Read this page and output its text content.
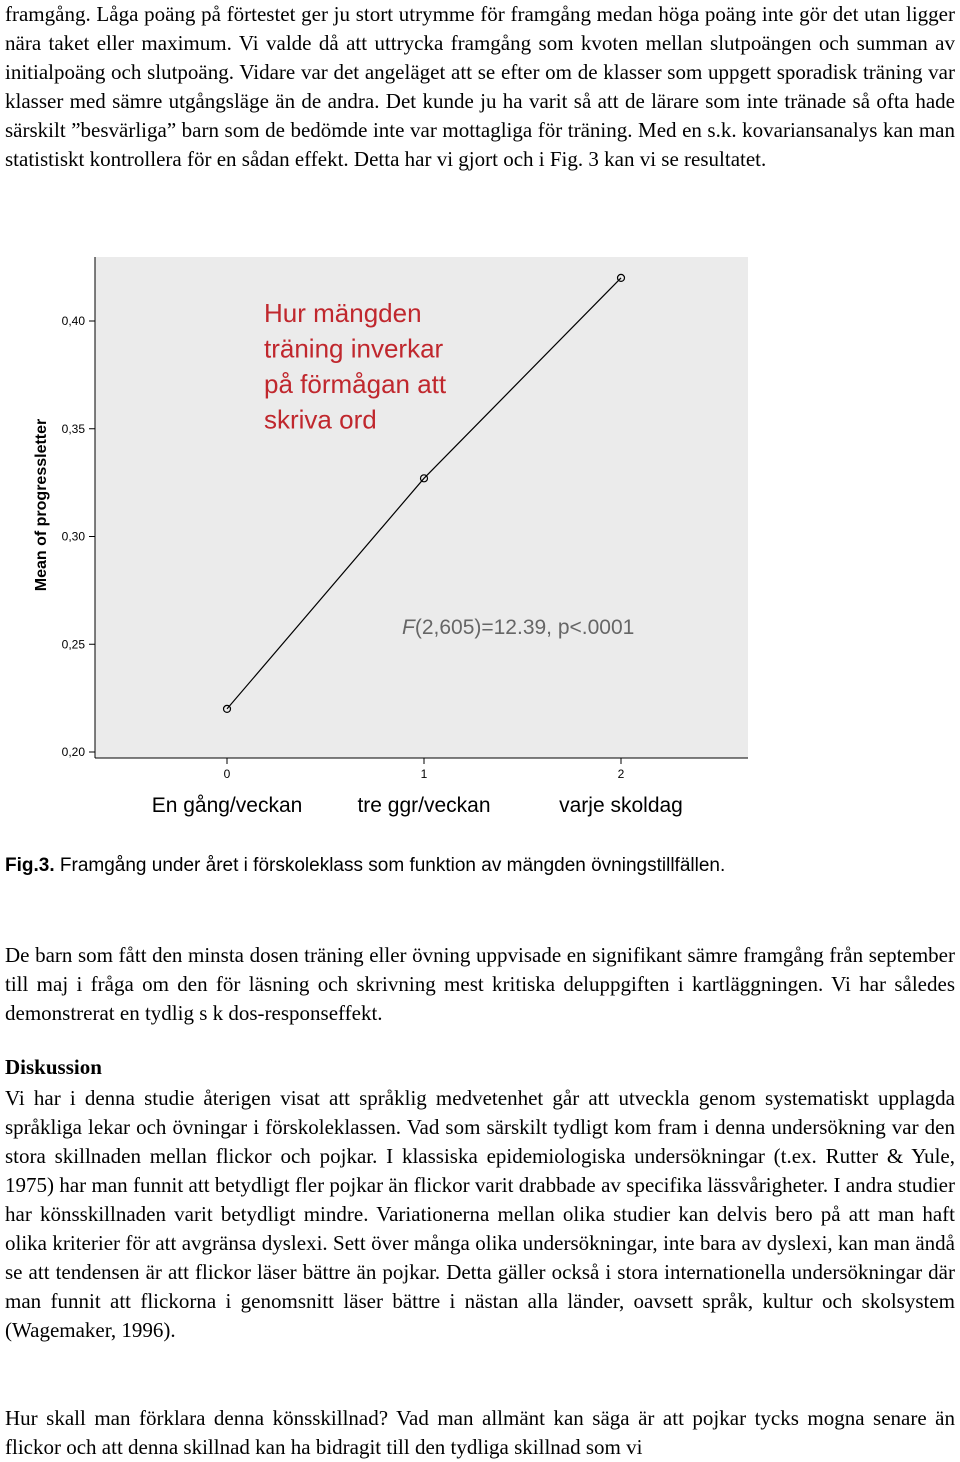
framgång. Låga poäng på förtestet ger ju stort utrymme för framgång medan höga poäng inte gör det utan ligger nära taket eller maximum. Vi valde då att uttrycka framgång som kvoten mellan slutpoängen och summan av initialpoäng och slutpoäng. Vidare var det angeläget att se efter om de klasser som uppgett sporadisk träning var klasser med sämre utgångsläge än de andra. Det kunde ju ha varit så att de lärare som inte tränade så ofta hade särskilt ”besvärliga” barn som de bedömde inte var mottagliga för träning. Med en s.k. kovariansanalys kan man statistiskt kontrollera för en sådan effekt. Detta har vi gjort och i Fig. 3 kan vi se resultatet.

0,20
0,25
0,30
0,35
0,40
0
En gång/veckan
1
tre ggr/veckan
2
varje skoldag
Mean of progressletter
Hur mängden
träning inverkar
på förmågan att
skriva ord
F(2,605)=12.39, p<.0001

Fig.3. Framgång under året i förskoleklass som funktion av mängden övningstillfällen.

De barn som fått den minsta dosen träning eller övning uppvisade en signifikant sämre framgång från september till maj i fråga om den för läsning och skrivning mest kritiska deluppgiften i kartläggningen. Vi har således demonstrerat en tydlig s k dos-responseffekt.

Diskussion

Vi har i denna studie återigen visat att språklig medvetenhet går att utveckla genom systematiskt upplagda språkliga lekar och övningar i förskoleklassen. Vad som särskilt tydligt kom fram i denna undersökning var den stora skillnaden mellan flickor och pojkar. I klassiska epidemiologiska undersökningar (t.ex. Rutter & Yule, 1975) har man funnit att betydligt fler pojkar än flickor varit drabbade av specifika lässvårigheter. I andra studier har könsskillnaden varit betydligt mindre. Variationerna mellan olika studier kan delvis bero på att man haft olika kriterier för att avgränsa dyslexi. Sett över många olika undersökningar, inte bara av dyslexi, kan man ändå se att tendensen är att flickor läser bättre än pojkar. Detta gäller också i stora internationella undersökningar där man funnit att flickorna i genomsnitt läser bättre i nästan alla länder, oavsett språk, kultur och skolsystem (Wagemaker, 1996).

Hur skall man förklara denna könsskillnad? Vad man allmänt kan säga är att pojkar tycks mogna senare än flickor och att denna skillnad kan ha bidragit till den tydliga skillnad som vi
